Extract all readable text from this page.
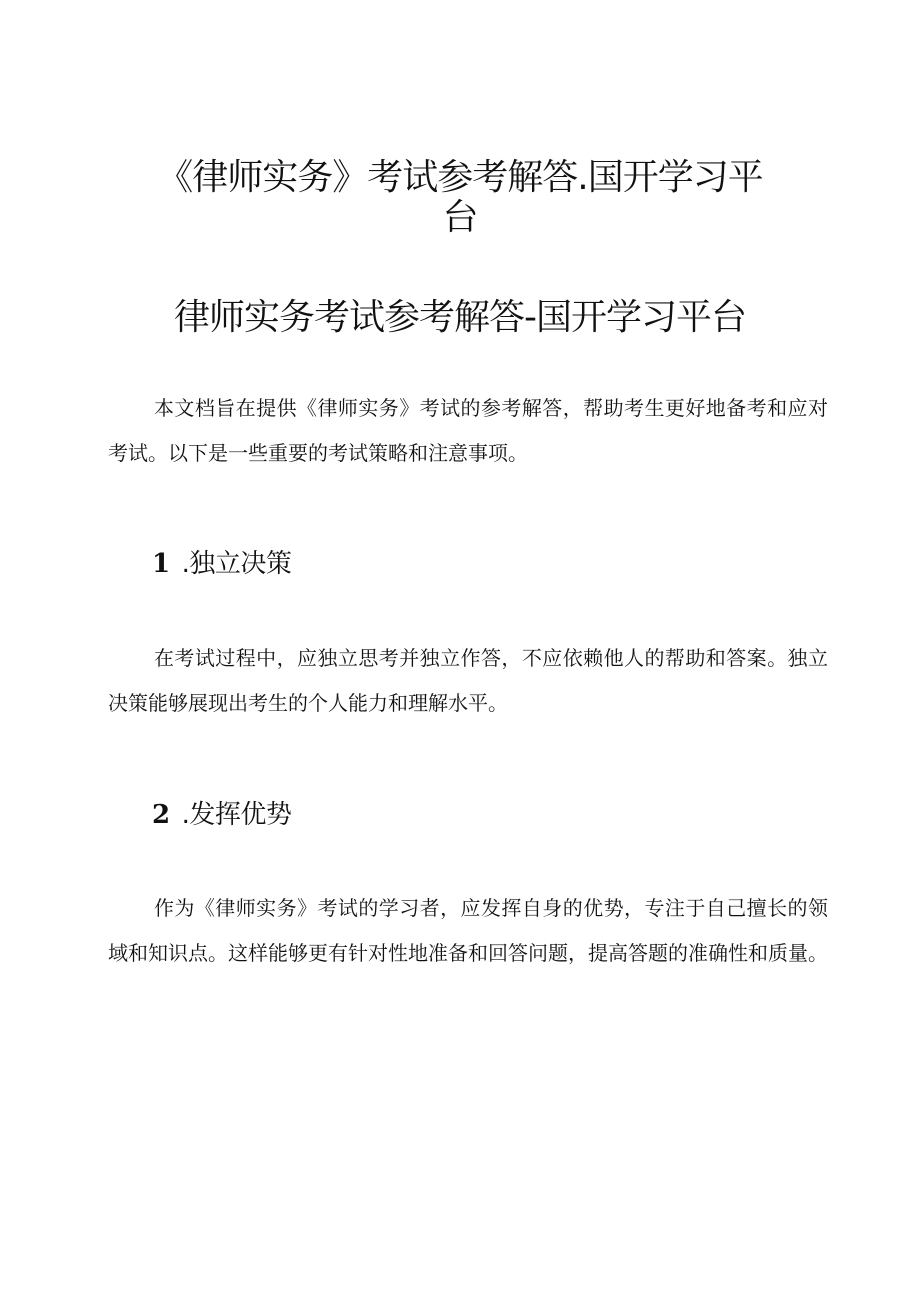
《律师实务》考试参考解答.国开学习平台
律师实务考试参考解答-国开学习平台

本文档旨在提供《律师实务》考试的参考解答，帮助考生更好地备考和应对考试。以下是一些重要的考试策略和注意事项。

1 .独立决策

在考试过程中，应独立思考并独立作答，不应依赖他人的帮助和答案。独立决策能够展现出考生的个人能力和理解水平。

2 .发挥优势

作为《律师实务》考试的学习者，应发挥自身的优势，专注于自己擅长的领域和知识点。这样能够更有针对性地准备和回答问题，提高答题的准确性和质量。
